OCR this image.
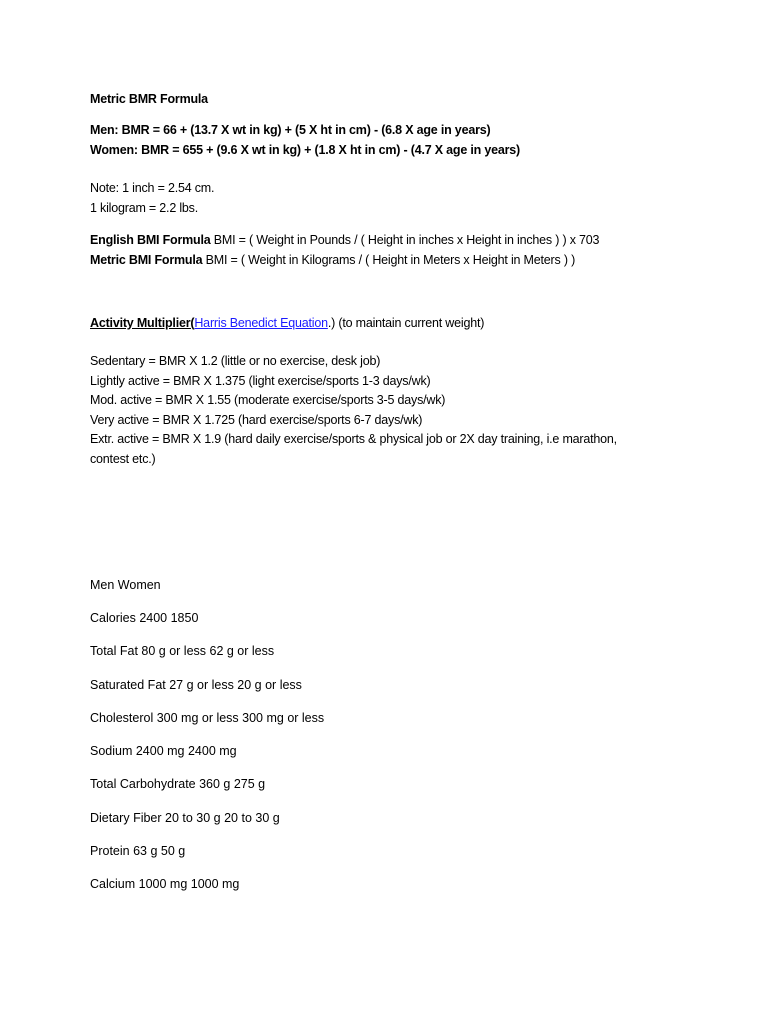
Metric BMR Formula
Men: BMR = 66 + (13.7 X wt in kg) + (5 X ht in cm) - (6.8 X age in years)
Women: BMR = 655 + (9.6 X wt in kg) + (1.8 X ht in cm) - (4.7 X age in years)
Note: 1 inch = 2.54 cm.
1 kilogram = 2.2 lbs.
English BMI Formula BMI = ( Weight in Pounds / ( Height in inches x Height in inches ) ) x 703
Metric BMI Formula BMI = ( Weight in Kilograms / ( Height in Meters x Height in Meters ) )
Activity Multiplier(Harris Benedict Equation.) (to maintain current weight)
Sedentary = BMR X 1.2 (little or no exercise, desk job)
Lightly active = BMR X 1.375 (light exercise/sports 1-3 days/wk)
Mod. active = BMR X 1.55 (moderate exercise/sports 3-5 days/wk)
Very active = BMR X 1.725 (hard exercise/sports 6-7 days/wk)
Extr. active = BMR X 1.9 (hard daily exercise/sports & physical job or 2X day training, i.e marathon,
contest etc.)
Men Women
Calories 2400 1850
Total Fat 80 g or less 62 g or less
Saturated Fat 27 g or less 20 g or less
Cholesterol 300 mg or less 300 mg or less
Sodium 2400 mg 2400 mg
Total Carbohydrate 360 g 275 g
Dietary Fiber 20 to 30 g 20 to 30 g
Protein 63 g 50 g
Calcium 1000 mg 1000 mg
